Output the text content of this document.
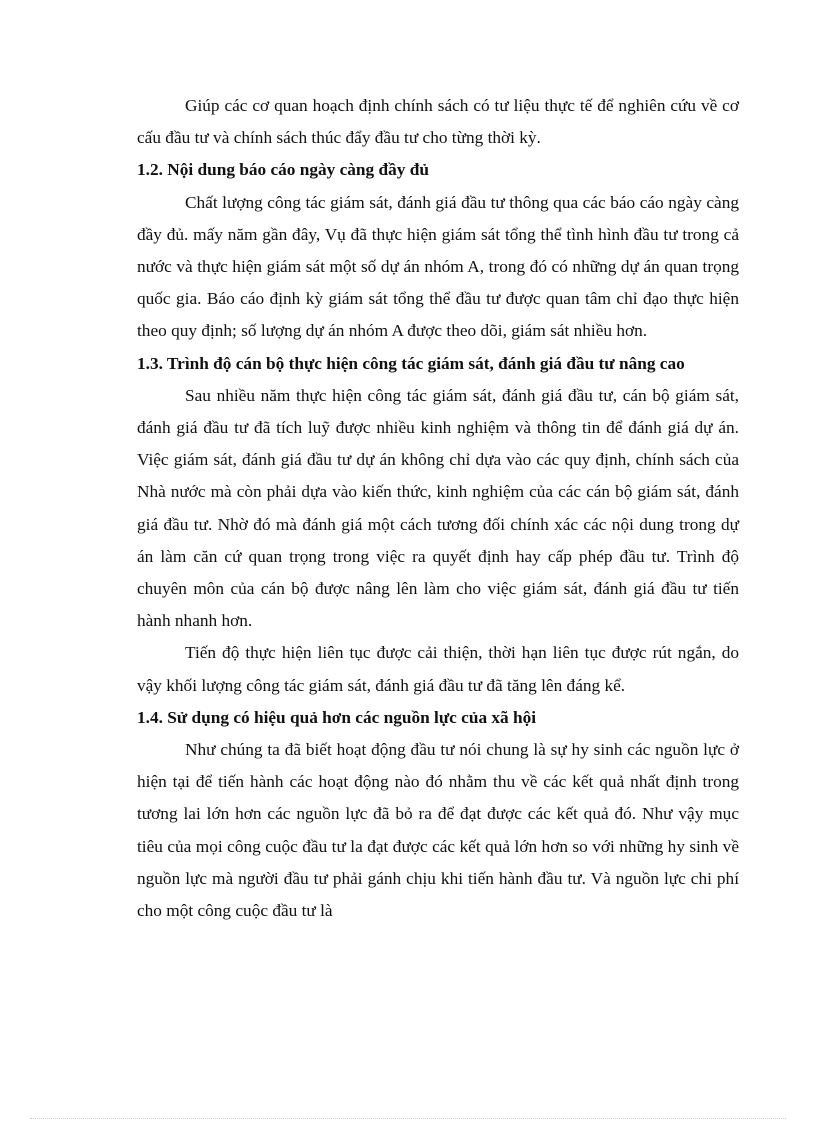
Giúp các cơ quan hoạch định chính sách có tư liệu thực tế để nghiên cứu về cơ cấu đầu tư và chính sách thúc đẩy đầu tư cho từng thời kỳ.

1.2. Nội dung báo cáo ngày càng đầy đủ

Chất lượng công tác giám sát, đánh giá đầu tư thông qua các báo cáo ngày càng đầy đủ. mấy năm gần đây, Vụ đã thực hiện giám sát tổng thể tình hình đầu tư trong cả nước và thực hiện giám sát một số dự án nhóm A, trong đó có những dự án quan trọng quốc gia. Báo cáo định kỳ giám sát tổng thể đầu tư được quan tâm chỉ đạo thực hiện theo quy định; số lượng dự án nhóm A được theo dõi, giám sát nhiều hơn.

1.3. Trình độ cán bộ thực hiện công tác giám sát, đánh giá đầu tư nâng cao

Sau nhiều năm thực hiện công tác giám sát, đánh giá đầu tư, cán bộ giám sát, đánh giá đầu tư đã tích luỹ được nhiều kinh nghiệm và thông tin để đánh giá dự án. Việc giám sát, đánh giá đầu tư dự án không chỉ dựa vào các quy định, chính sách của Nhà nước mà còn phải dựa vào kiến thức, kinh nghiệm của các cán bộ giám sát, đánh giá đầu tư. Nhờ đó mà đánh giá một cách tương đối chính xác các nội dung trong dự án làm căn cứ quan trọng trong việc ra quyết định hay cấp phép đầu tư. Trình độ chuyên môn của cán bộ được nâng lên làm cho việc giám sát, đánh giá đầu tư tiến hành nhanh hơn.

Tiến độ thực hiện liên tục được cải thiện, thời hạn liên tục được rút ngắn, do vậy khối lượng công tác giám sát, đánh giá đầu tư đã tăng lên đáng kể.

1.4. Sử dụng có hiệu quả hơn các nguồn lực của xã hội

Như chúng ta đã biết hoạt động đầu tư nói chung là sự hy sinh các nguồn lực ở hiện tại để tiến hành các hoạt động nào đó nhằm thu về các kết quả nhất định trong tương lai lớn hơn các nguồn lực đã bỏ ra để đạt được các kết quả đó. Như vậy mục tiêu của mọi công cuộc đầu tư la đạt được các kết quả lớn hơn so với những hy sinh về nguồn lực mà người đầu tư phải gánh chịu khi tiến hành đầu tư. Và nguồn lực chi phí cho một công cuộc đầu tư là
